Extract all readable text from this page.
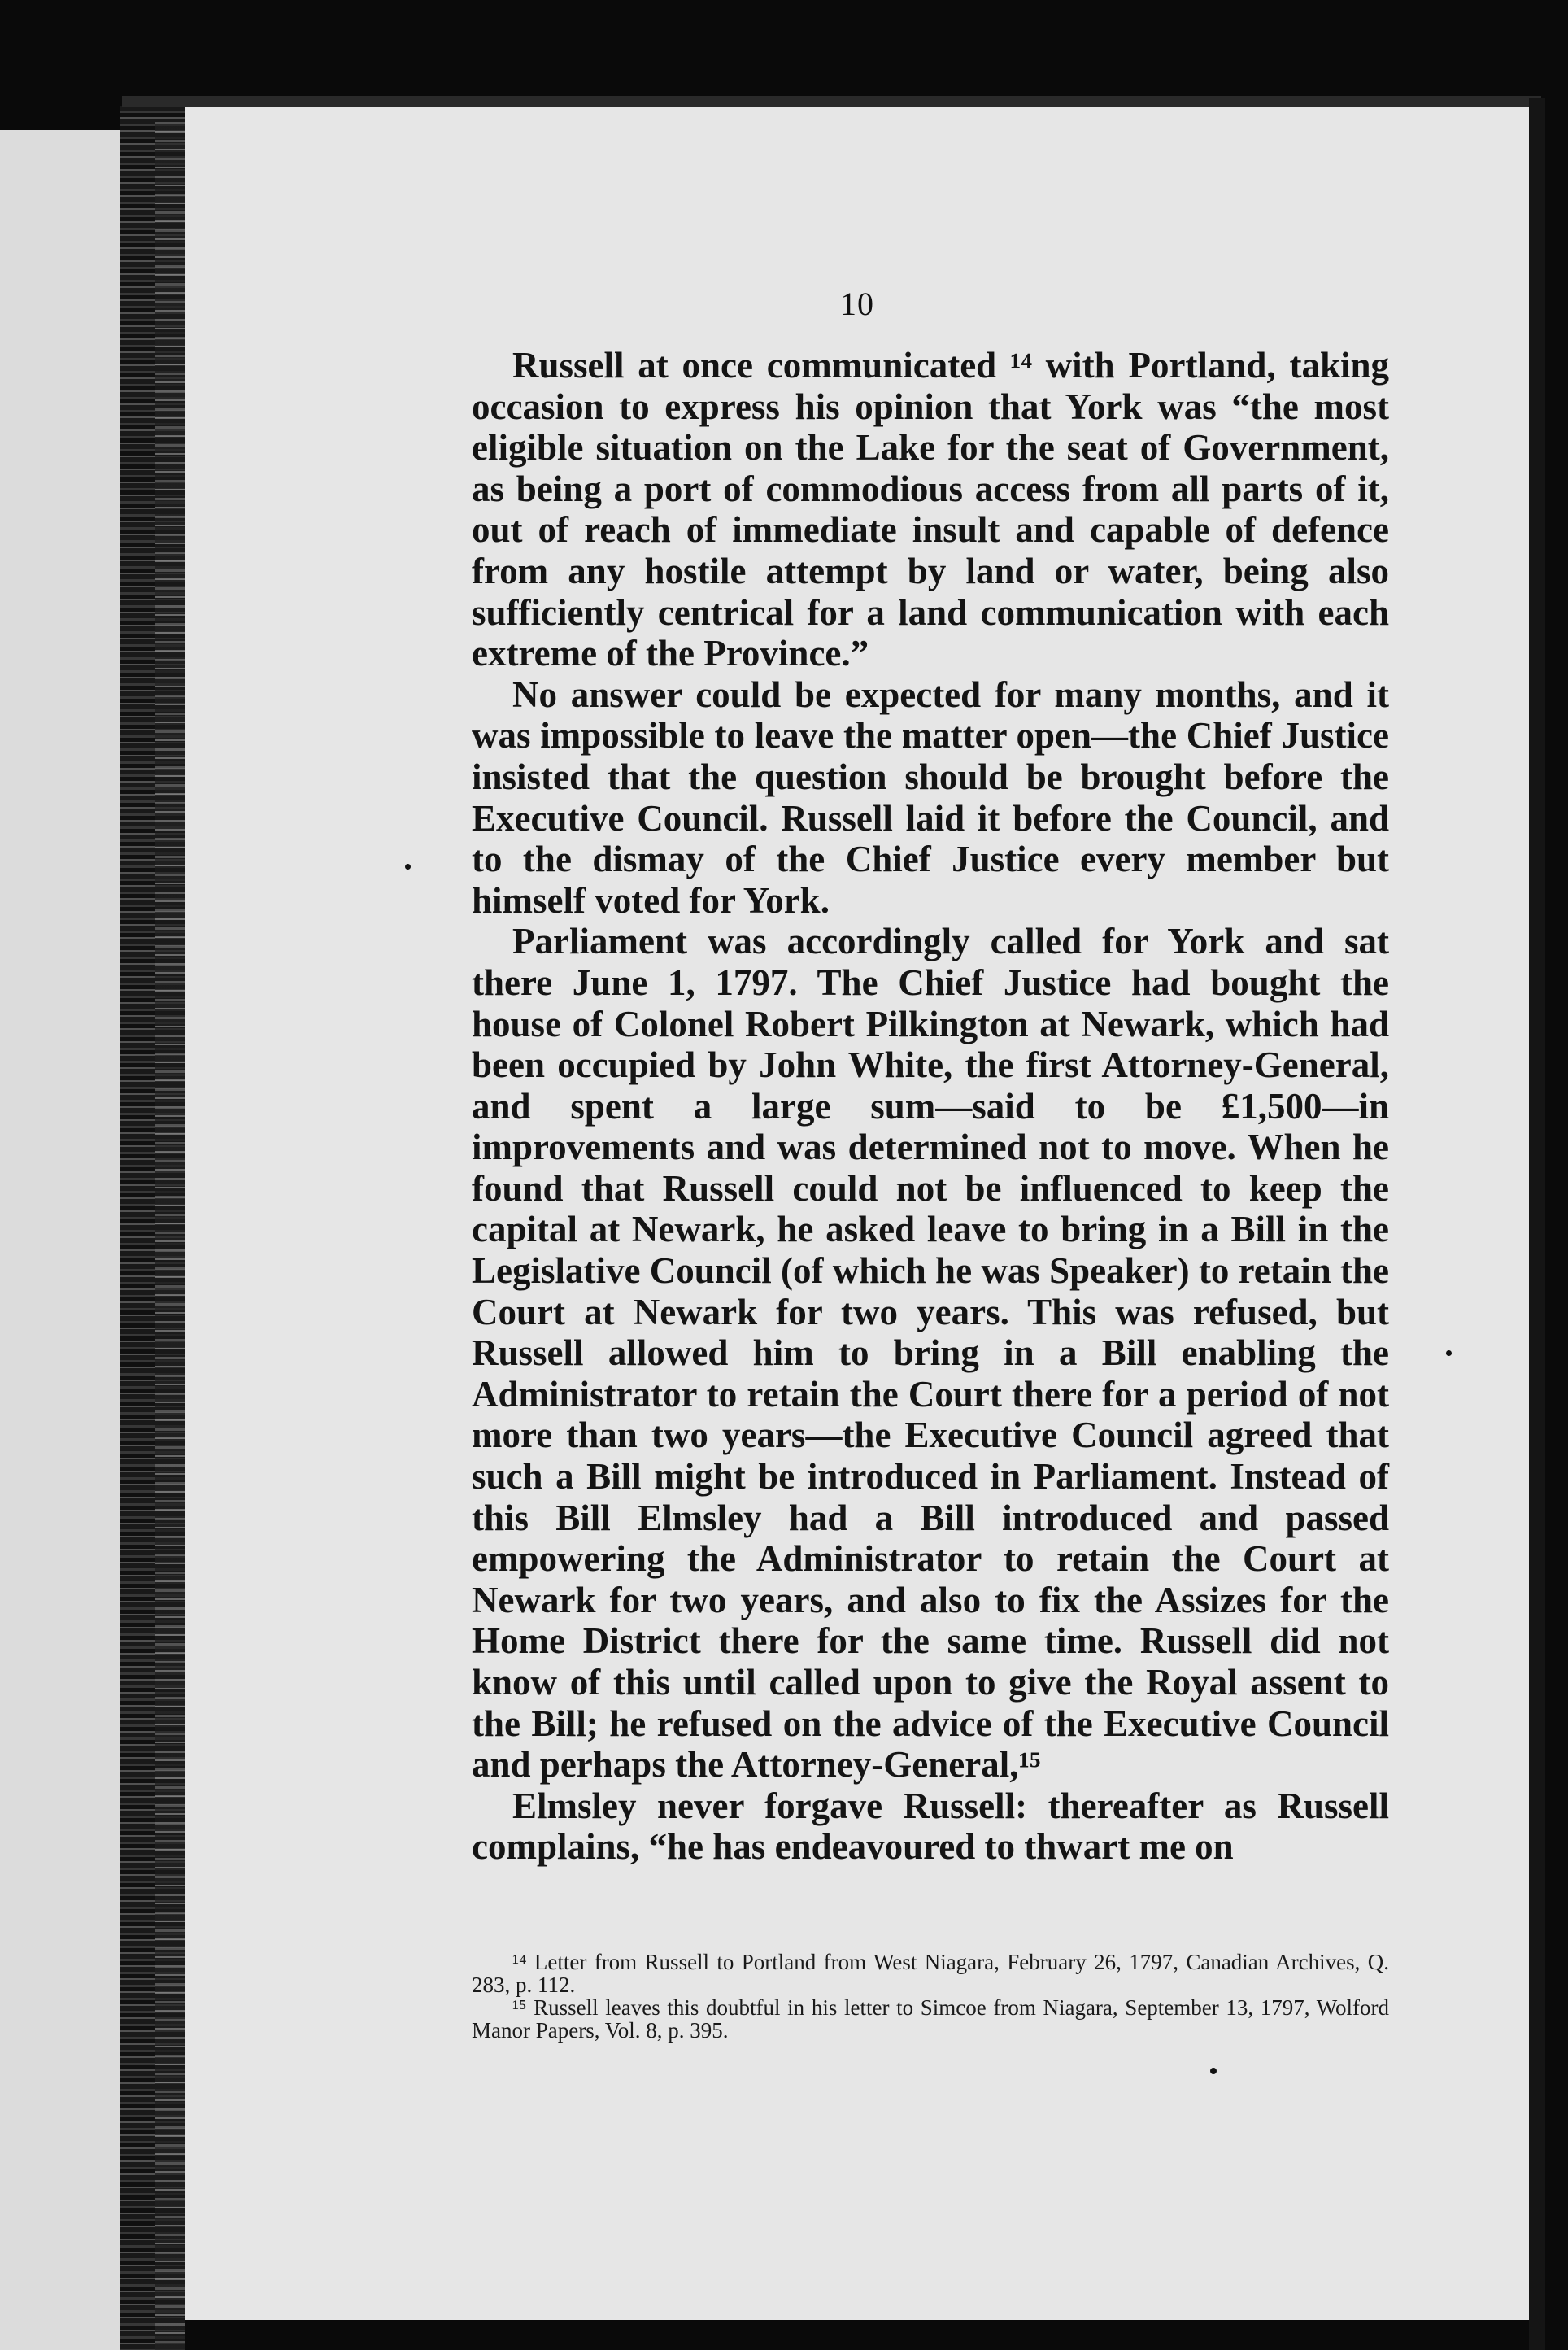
10

Russell at once communicated ¹⁴ with Portland, taking occasion to express his opinion that York was “the most eligible situation on the Lake for the seat of Government, as being a port of commodious access from all parts of it, out of reach of immediate insult and capable of defence from any hostile attempt by land or water, being also sufficiently centrical for a land communication with each extreme of the Province.”

No answer could be expected for many months, and it was impossible to leave the matter open—the Chief Justice insisted that the question should be brought before the Executive Council. Russell laid it before the Council, and to the dismay of the Chief Justice every member but himself voted for York.

Parliament was accordingly called for York and sat there June 1, 1797. The Chief Justice had bought the house of Colonel Robert Pilkington at Newark, which had been occupied by John White, the first Attorney-General, and spent a large sum—said to be £1,500—in improvements and was determined not to move. When he found that Russell could not be influenced to keep the capital at Newark, he asked leave to bring in a Bill in the Legislative Council (of which he was Speaker) to retain the Court at Newark for two years. This was refused, but Russell allowed him to bring in a Bill enabling the Administrator to retain the Court there for a period of not more than two years—the Executive Council agreed that such a Bill might be introduced in Parliament. Instead of this Bill Elmsley had a Bill introduced and passed empowering the Administrator to retain the Court at Newark for two years, and also to fix the Assizes for the Home District there for the same time. Russell did not know of this until called upon to give the Royal assent to the Bill; he refused on the advice of the Executive Council and perhaps the Attorney-General,¹⁵

Elmsley never forgave Russell: thereafter as Russell complains, “he has endeavoured to thwart me on

¹⁴ Letter from Russell to Portland from West Niagara, February 26, 1797, Canadian Archives, Q. 283, p. 112.

¹⁵ Russell leaves this doubtful in his letter to Simcoe from Niagara, September 13, 1797, Wolford Manor Papers, Vol. 8, p. 395.
